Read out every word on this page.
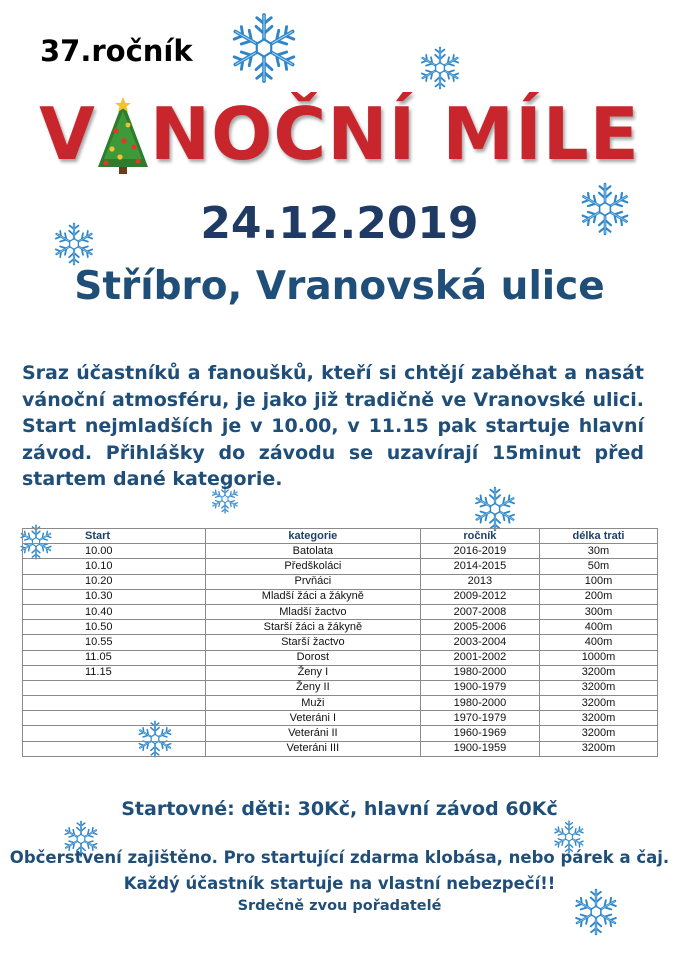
37.ročník
V NOČNÍ MÍLE
24.12.2019
Stříbro, Vranovská ulice
Sraz účastníků a fanoušků, kteří si chtějí zaběhat a nasát vánoční atmosféru, je jako již tradičně ve Vranovské ulici. Start nejmladších je v 10.00, v 11.15 pak startuje hlavní závod. Přihlášky do závodu se uzavírají 15minut před startem dané kategorie.
Start	kategorie	ročník	délka trati
10.00	Batolata	2016-2019	30m
10.10	Předškoláci	2014-2015	50m
10.20	Prvňáci	2013	100m
10.30	Mladší žáci a žákyně	2009-2012	200m
10.40	Mladší žactvo	2007-2008	300m
10.50	Starší žáci a žákyně	2005-2006	400m
10.55	Starší žactvo	2003-2004	400m
11.05	Dorost	2001-2002	1000m
11.15	Ženy I	1980-2000	3200m
	Ženy II	1900-1979	3200m
	Muži	1980-2000	3200m
	Veteráni I	1970-1979	3200m
	Veteráni II	1960-1969	3200m
	Veteráni III	1900-1959	3200m
Startovné: děti: 30Kč, hlavní závod 60Kč
Občerstvení zajištěno. Pro startující zdarma klobása, nebo párek a čaj.
Každý účastník startuje na vlastní nebezpečí!!
Srdečně zvou pořadatelé
